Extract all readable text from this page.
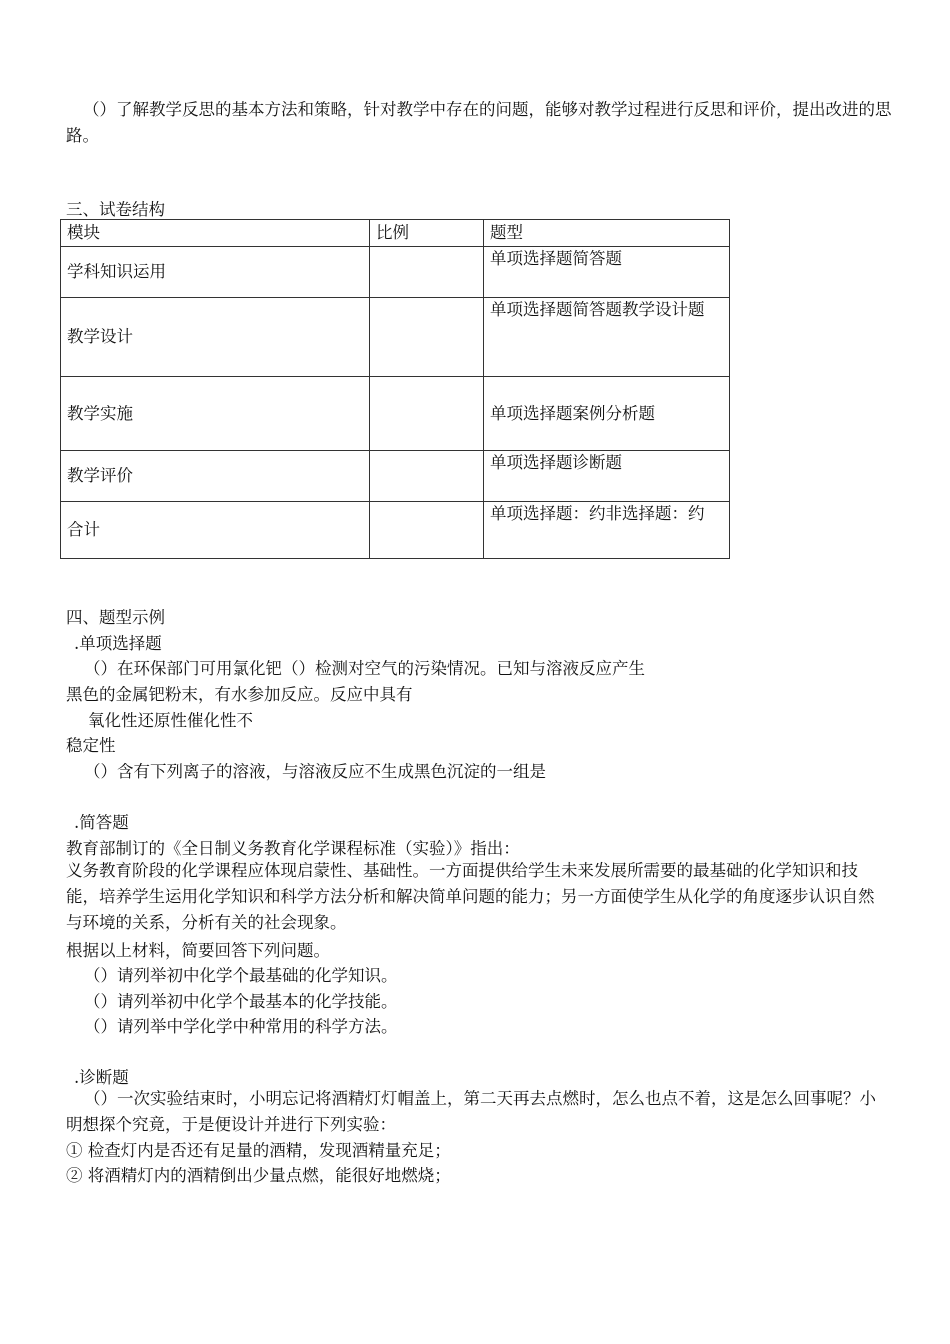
（）了解教学反思的基本方法和策略，针对教学中存在的问题，能够对教学过程进行反思和评价，提出改进的思路。

三、试卷结构

模块	比例	题型
学科知识运用		单项选择题简答题
教学设计		单项选择题简答题教学设计题
教学实施		单项选择题案例分析题
教学评价		单项选择题诊断题
合计		单项选择题：约非选择题：约

四、题型示例

.单项选择题

（）在环保部门可用氯化钯（）检测对空气的污染情况。已知与溶液反应产生

黑色的金属钯粉末，有水参加反应。反应中具有

氧化性还原性催化性不

稳定性

（）含有下列离子的溶液，与溶液反应不生成黑色沉淀的一组是

.简答题

教育部制订的《全日制义务教育化学课程标准（实验）》指出：

义务教育阶段的化学课程应体现启蒙性、基础性。一方面提供给学生未来发展所需要的最基础的化学知识和技能，培养学生运用化学知识和科学方法分析和解决简单问题的能力；另一方面使学生从化学的角度逐步认识自然与环境的关系，分析有关的社会现象。

根据以上材料，简要回答下列问题。

（）请列举初中化学个最基础的化学知识。

（）请列举初中化学个最基本的化学技能。

（）请列举中学化学中种常用的科学方法。

.诊断题

（）一次实验结束时，小明忘记将酒精灯灯帽盖上，第二天再去点燃时，怎么也点不着，这是怎么回事呢？小明想探个究竟，于是便设计并进行下列实验：

① 检查灯内是否还有足量的酒精，发现酒精量充足；

② 将酒精灯内的酒精倒出少量点燃，能很好地燃烧；
